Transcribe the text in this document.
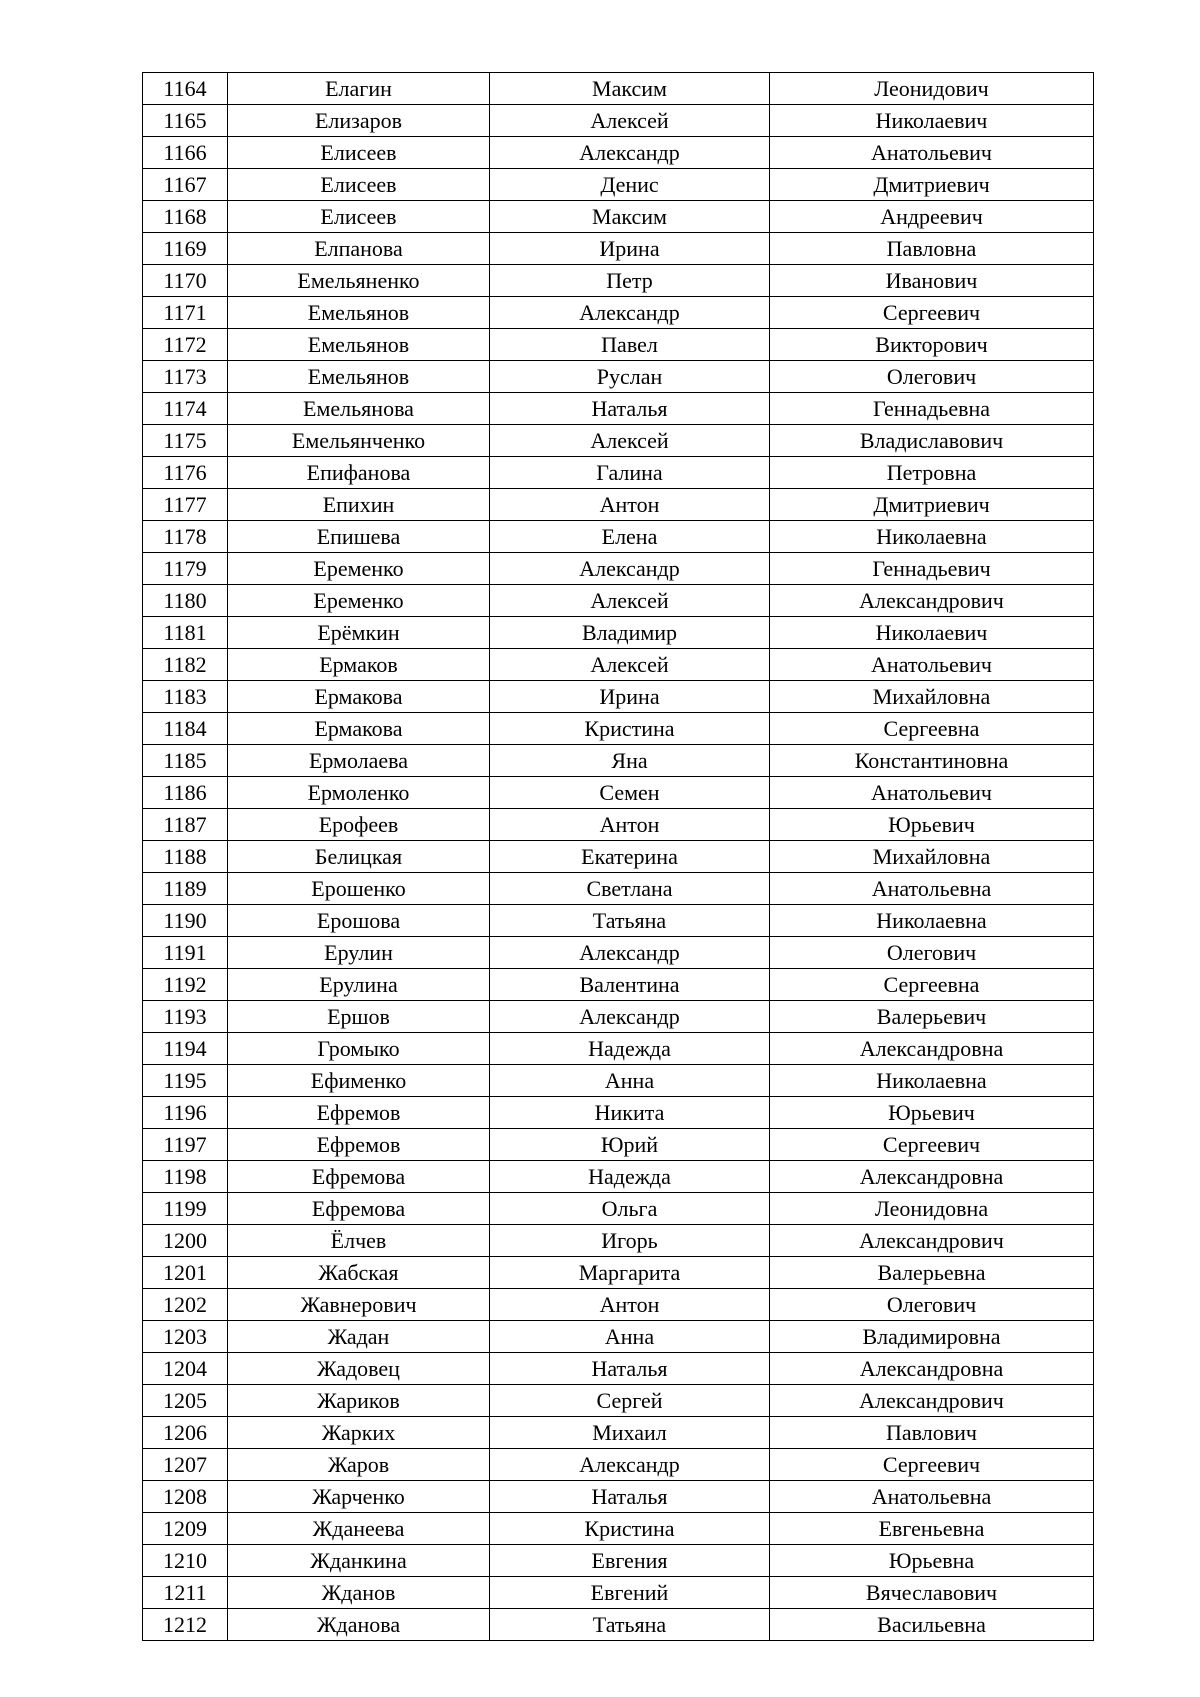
1164	Елагин	Максим	Леонидович
1165	Елизаров	Алексей	Николаевич
1166	Елисеев	Александр	Анатольевич
1167	Елисеев	Денис	Дмитриевич
1168	Елисеев	Максим	Андреевич
1169	Елпанова	Ирина	Павловна
1170	Емельяненко	Петр	Иванович
1171	Емельянов	Александр	Сергеевич
1172	Емельянов	Павел	Викторович
1173	Емельянов	Руслан	Олегович
1174	Емельянова	Наталья	Геннадьевна
1175	Емельянченко	Алексей	Владиславович
1176	Епифанова	Галина	Петровна
1177	Епихин	Антон	Дмитриевич
1178	Епишева	Елена	Николаевна
1179	Еременко	Александр	Геннадьевич
1180	Еременко	Алексей	Александрович
1181	Ерёмкин	Владимир	Николаевич
1182	Ермаков	Алексей	Анатольевич
1183	Ермакова	Ирина	Михайловна
1184	Ермакова	Кристина	Сергеевна
1185	Ермолаева	Яна	Константиновна
1186	Ермоленко	Семен	Анатольевич
1187	Ерофеев	Антон	Юрьевич
1188	Белицкая	Екатерина	Михайловна
1189	Ерошенко	Светлана	Анатольевна
1190	Ерошова	Татьяна	Николаевна
1191	Ерулин	Александр	Олегович
1192	Ерулина	Валентина	Сергеевна
1193	Ершов	Александр	Валерьевич
1194	Громыко	Надежда	Александровна
1195	Ефименко	Анна	Николаевна
1196	Ефремов	Никита	Юрьевич
1197	Ефремов	Юрий	Сергеевич
1198	Ефремова	Надежда	Александровна
1199	Ефремова	Ольга	Леонидовна
1200	Ёлчев	Игорь	Александрович
1201	Жабская	Маргарита	Валерьевна
1202	Жавнерович	Антон	Олегович
1203	Жадан	Анна	Владимировна
1204	Жадовец	Наталья	Александровна
1205	Жариков	Сергей	Александрович
1206	Жарких	Михаил	Павлович
1207	Жаров	Александр	Сергеевич
1208	Жарченко	Наталья	Анатольевна
1209	Жданеева	Кристина	Евгеньевна
1210	Жданкина	Евгения	Юрьевна
1211	Жданов	Евгений	Вячеславович
1212	Жданова	Татьяна	Васильевна
